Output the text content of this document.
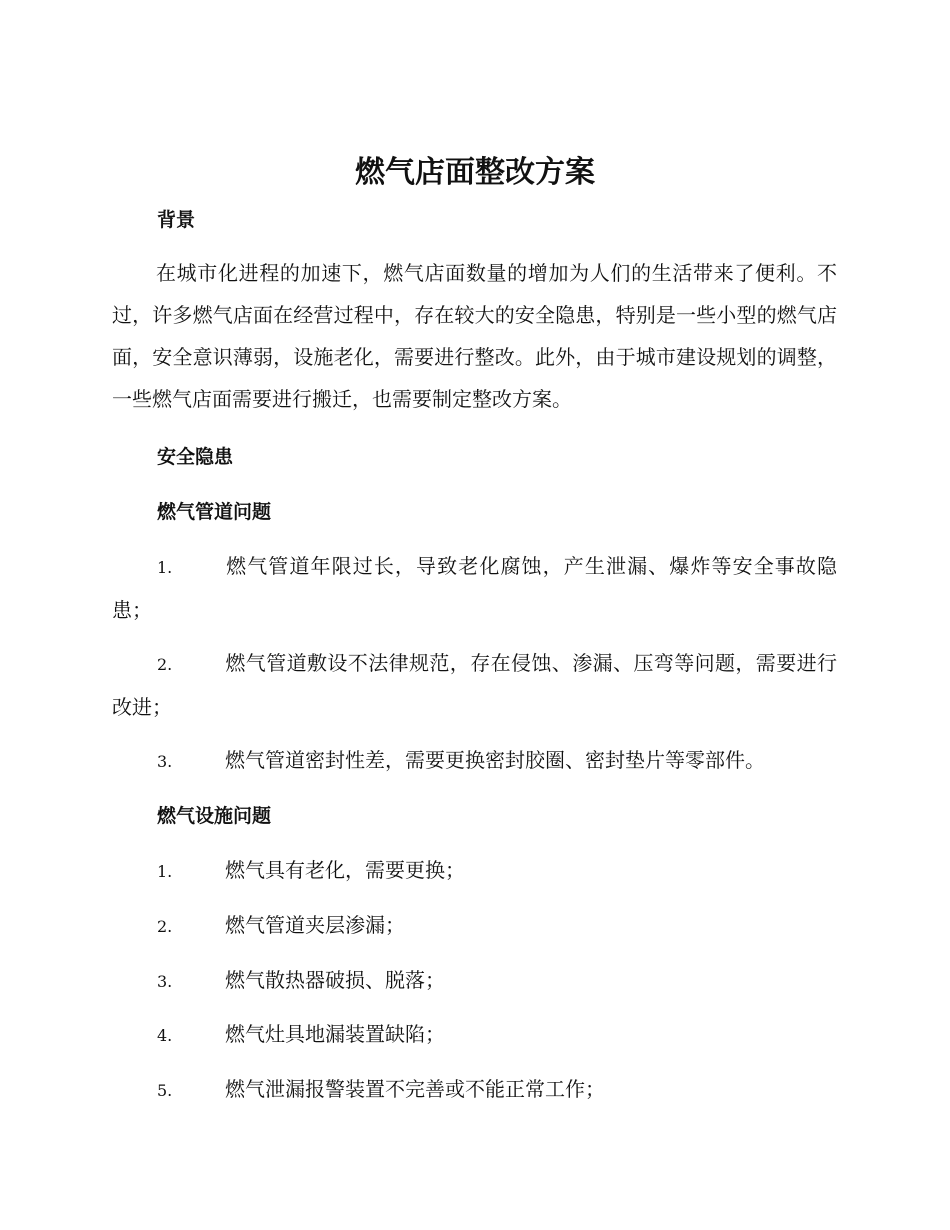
燃气店面整改方案
背景

在城市化进程的加速下，燃气店面数量的增加为人们的生活带来了便利。不过，许多燃气店面在经营过程中，存在较大的安全隐患，特别是一些小型的燃气店面，安全意识薄弱，设施老化，需要进行整改。此外，由于城市建设规划的调整，一些燃气店面需要进行搬迁，也需要制定整改方案。

安全隐患
燃气管道问题

1.	燃气管道年限过长，导致老化腐蚀，产生泄漏、爆炸等安全事故隐患；

2.	燃气管道敷设不法律规范，存在侵蚀、渗漏、压弯等问题，需要进行改进；

3.	燃气管道密封性差，需要更换密封胶圈、密封垫片等零部件。

燃气设施问题

1.	燃气具有老化，需要更换；

2.	燃气管道夹层渗漏；

3.	燃气散热器破损、脱落；

4.	燃气灶具地漏装置缺陷；

5.	燃气泄漏报警装置不完善或不能正常工作；
